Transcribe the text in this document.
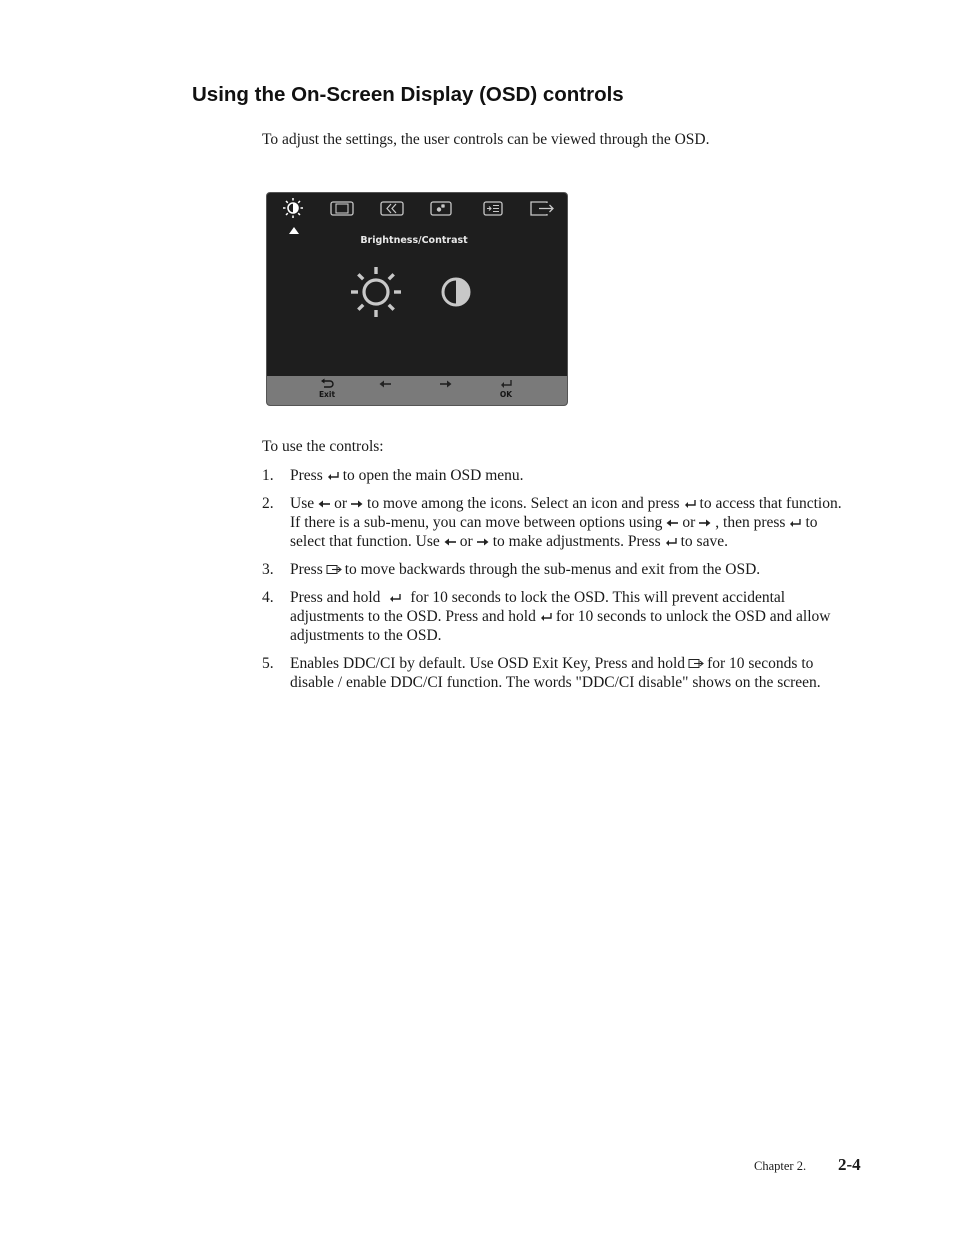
Using the On-Screen Display (OSD) controls

To adjust the settings, the user controls can be viewed through the OSD.

Brightness/Contrast
Exit	OK

To use the controls:

1. Press to open the main OSD menu.
2. Use or to move among the icons. Select an icon and press to access that function. If there is a sub-menu, you can move between options using or , then press to select that function. Use or to make adjustments. Press to save.
3. Press to move backwards through the sub-menus and exit from the OSD.
4. Press and hold for 10 seconds to lock the OSD. This will prevent accidental adjustments to the OSD. Press and hold for 10 seconds to unlock the OSD and allow adjustments to the OSD.
5. Enables DDC/CI by default. Use OSD Exit Key, Press and hold for 10 seconds to disable / enable DDC/CI function. The words "DDC/CI disable" shows on the screen.
Chapter 2. 2-4
